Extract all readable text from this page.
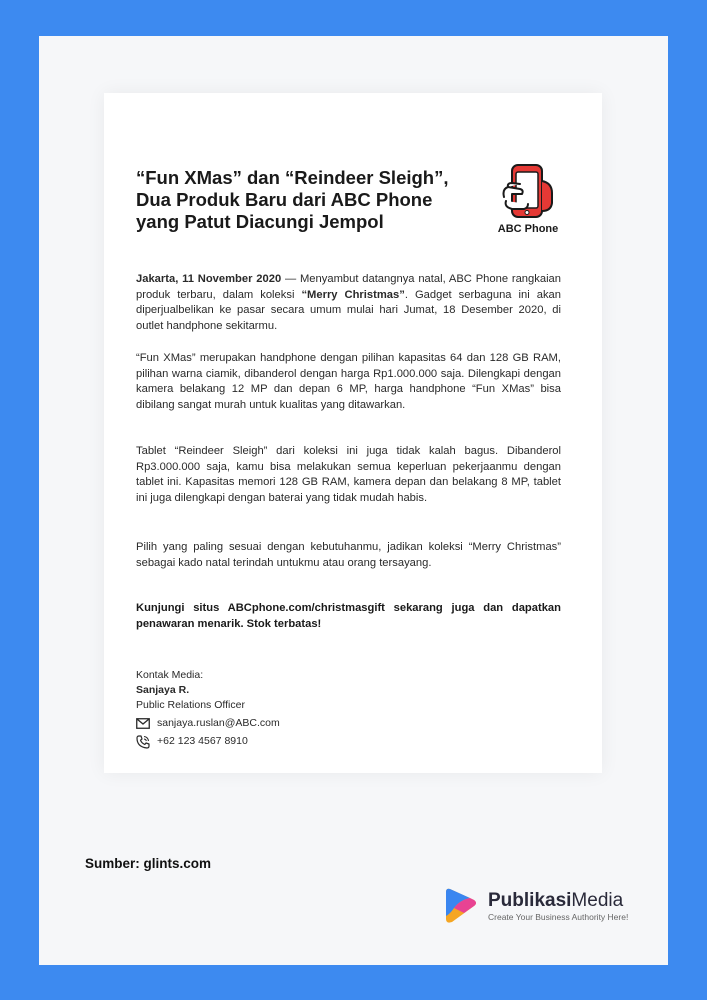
“Fun XMas” dan “Reindeer Sleigh”,
Dua Produk Baru dari ABC Phone
yang Patut Diacungi Jempol	ABC Phone

Jakarta, 11 November 2020 — Menyambut datangnya natal, ABC Phone rangkaian produk terbaru, dalam koleksi “Merry Christmas”. Gadget serbaguna ini akan diperjualbelikan ke pasar secara umum mulai hari Jumat, 18 Desember 2020, di outlet handphone sekitarmu.

“Fun XMas” merupakan handphone dengan pilihan kapasitas 64 dan 128 GB RAM, pilihan warna ciamik, dibanderol dengan harga Rp1.000.000 saja. Dilengkapi dengan kamera belakang 12 MP dan depan 6 MP, harga handphone “Fun XMas” bisa dibilang sangat murah untuk kualitas yang ditawarkan.

Tablet “Reindeer Sleigh” dari koleksi ini juga tidak kalah bagus. Dibanderol Rp3.000.000 saja, kamu bisa melakukan semua keperluan pekerjaanmu dengan tablet ini. Kapasitas memori 128 GB RAM, kamera depan dan belakang 8 MP, tablet ini juga dilengkapi dengan baterai yang tidak mudah habis.

Pilih yang paling sesuai dengan kebutuhanmu, jadikan koleksi “Merry Christmas” sebagai kado natal terindah untukmu atau orang tersayang.

Kunjungi situs ABCphone.com/christmasgift sekarang juga dan dapatkan penawaran menarik. Stok terbatas!

Kontak Media:
Sanjaya R.
Public Relations Officer
sanjaya.ruslan@ABC.com
+62 123 4567 8910
Sumber: glints.com
PublikasiMedia
Create Your Business Authority Here!
